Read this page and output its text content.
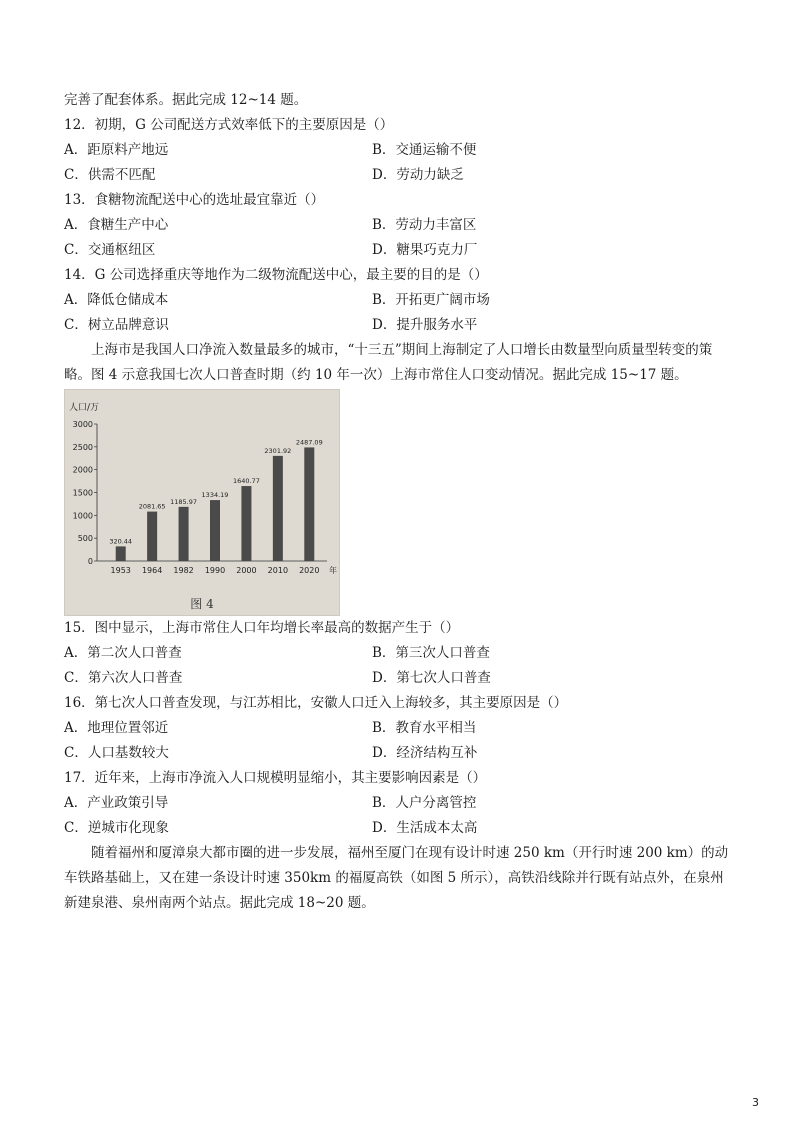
完善了配套体系。据此完成 12~14 题。
12．初期，G 公司配送方式效率低下的主要原因是（）
A．距原料产地远	B．交通运输不便
C．供需不匹配	D．劳动力缺乏
13．食糖物流配送中心的选址最宜靠近（）
A．食糖生产中心	B．劳动力丰富区
C．交通枢纽区	D．糖果巧克力厂
14．G 公司选择重庆等地作为二级物流配送中心，最主要的目的是（）
A．降低仓储成本	B．开拓更广阔市场
C．树立品牌意识	D．提升服务水平
上海市是我国人口净流入数量最多的城市，“十三五”期间上海制定了人口增长由数量型向质量型转变的策略。图 4 示意我国七次人口普查时期（约 10 年一次）上海市常住人口变动情况。据此完成 15~17 题。
人口/万
0
500
1000
1500
2000
2500
3000
320.44
1953
2081.65
1964
1185.97
1982
1334.19
1990
1640.77
2000
2301.92
2010
2487.09
2020 年
图 4
15．图中显示，上海市常住人口年均增长率最高的数据产生于（）
A．第二次人口普查	B．第三次人口普查
C．第六次人口普查	D．第七次人口普查
16．第七次人口普查发现，与江苏相比，安徽人口迁入上海较多，其主要原因是（）
A．地理位置邻近	B．教育水平相当
C．人口基数较大	D．经济结构互补
17．近年来，上海市净流入人口规模明显缩小，其主要影响因素是（）
A．产业政策引导	B．人户分离管控
C．逆城市化现象	D．生活成本太高
随着福州和厦漳泉大都市圈的进一步发展，福州至厦门在现有设计时速 250 km（开行时速 200 km）的动车铁路基础上，又在建一条设计时速 350km 的福厦高铁（如图 5 所示），高铁沿线除并行既有站点外，在泉州新建泉港、泉州南两个站点。据此完成 18~20 题。
3
